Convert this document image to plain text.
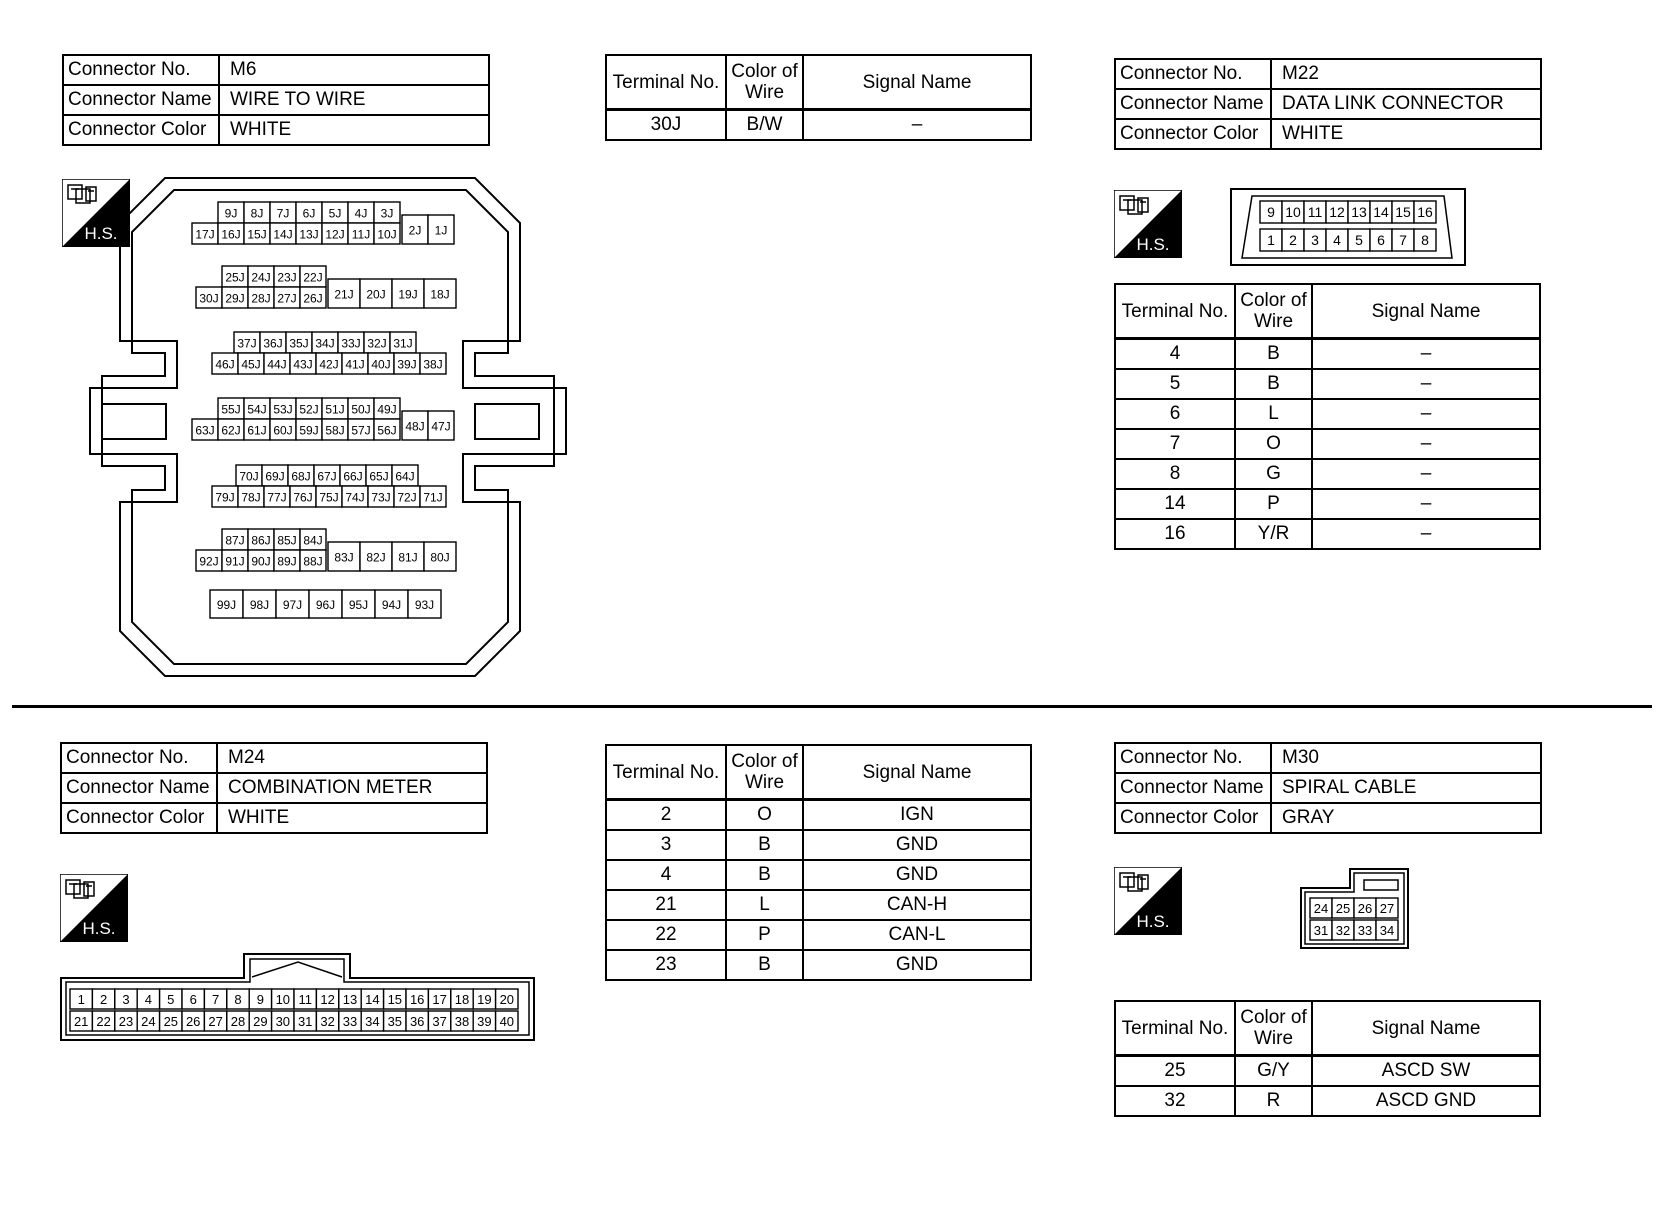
Connector No.	M6
Connector Name	WIRE TO WIRE
Connector Color	WHITE
Terminal No.	Color of Wire	Signal Name
30J	B/W	–
H.S.
9J 8J 7J 6J 5J 4J 3J
17J 16J 15J 14J 13J 12J 11J 10J 2J 1J
25J 24J 23J 22J
30J 29J 28J 27J 26J 21J 20J 19J 18J
37J 36J 35J 34J 33J 32J 31J
46J 45J 44J 43J 42J 41J 40J 39J 38J
55J 54J 53J 52J 51J 50J 49J
63J 62J 61J 60J 59J 58J 57J 56J 48J 47J
70J 69J 68J 67J 66J 65J 64J
79J 78J 77J 76J 75J 74J 73J 72J 71J
87J 86J 85J 84J
92J 91J 90J 89J 88J 83J 82J 81J 80J
99J 98J 97J 96J 95J 94J 93J
Connector No.	M22
Connector Name	DATA LINK CONNECTOR
Connector Color	WHITE
H.S.
9 10 11 12 13 14 15 16
1 2 3 4 5 6 7 8
Terminal No.	Color of Wire	Signal Name
4	B	–
5	B	–
6	L	–
7	O	–
8	G	–
14	P	–
16	Y/R	–
Connector No.	M24
Connector Name	COMBINATION METER
Connector Color	WHITE
H.S.
1 2 3 4 5 6 7 8 9 10 11 12 13 14 15 16 17 18 19 20
21 22 23 24 25 26 27 28 29 30 31 32 33 34 35 36 37 38 39 40
Terminal No.	Color of Wire	Signal Name
2	O	IGN
3	B	GND
4	B	GND
21	L	CAN-H
22	P	CAN-L
23	B	GND
Connector No.	M30
Connector Name	SPIRAL CABLE
Connector Color	GRAY
H.S.
24 25 26 27
31 32 33 34
Terminal No.	Color of Wire	Signal Name
25	G/Y	ASCD SW
32	R	ASCD GND
